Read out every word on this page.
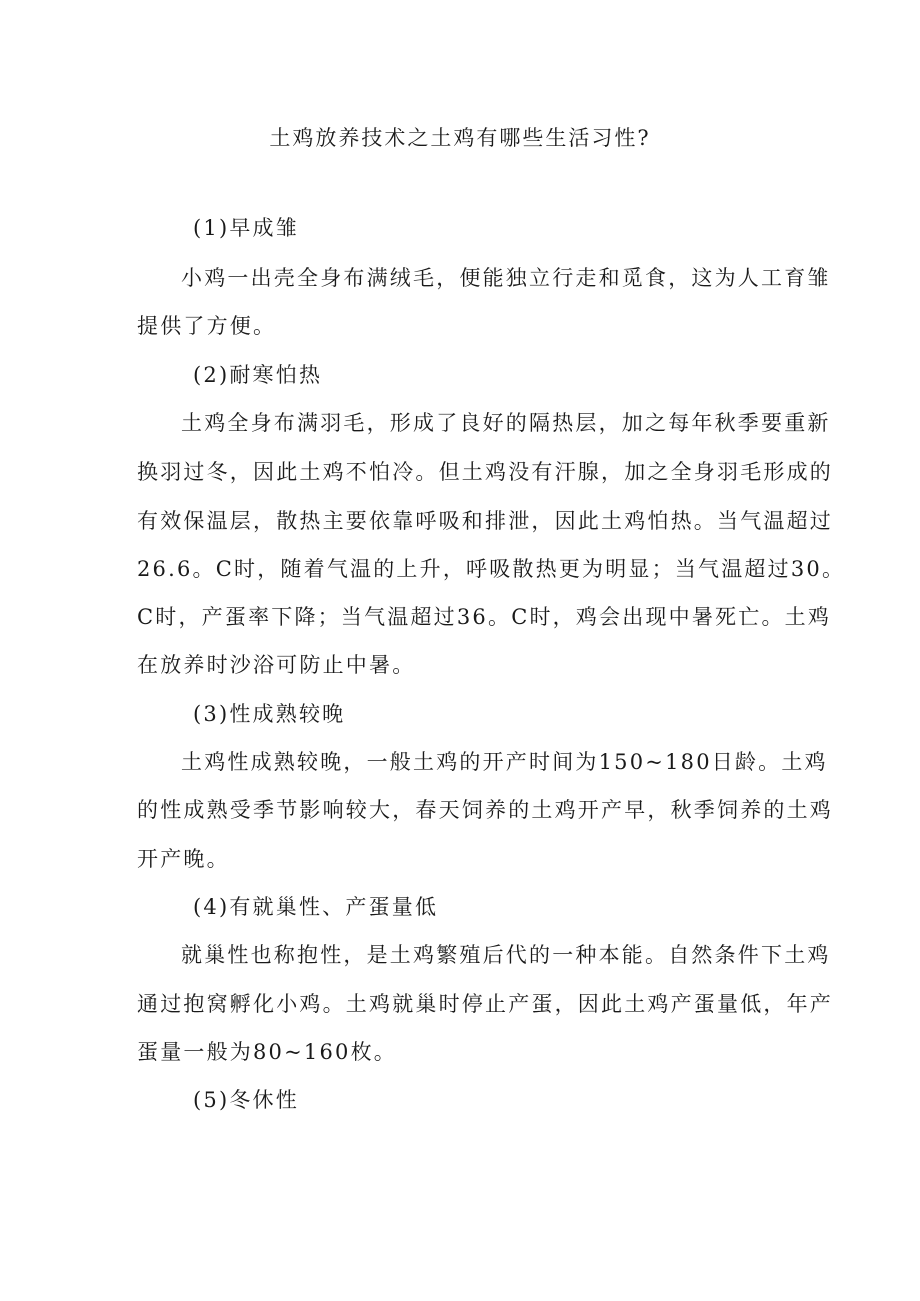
土鸡放养技术之土鸡有哪些生活习性?

(1)早成雏

小鸡一出壳全身布满绒毛，便能独立行走和觅食，这为人工育雏

提供了方便。

(2)耐寒怕热

土鸡全身布满羽毛，形成了良好的隔热层，加之每年秋季要重新

换羽过冬，因此土鸡不怕冷。但土鸡没有汗腺，加之全身羽毛形成的

有效保温层，散热主要依靠呼吸和排泄，因此土鸡怕热。当气温超过

26.6。C时，随着气温的上升，呼吸散热更为明显；当气温超过30。

C时，产蛋率下降；当气温超过36。C时，鸡会出现中暑死亡。土鸡

在放养时沙浴可防止中暑。

(3)性成熟较晚

土鸡性成熟较晚，一般土鸡的开产时间为150~180日龄。土鸡

的性成熟受季节影响较大，春天饲养的土鸡开产早，秋季饲养的土鸡

开产晚。

(4)有就巢性、产蛋量低

就巢性也称抱性，是土鸡繁殖后代的一种本能。自然条件下土鸡

通过抱窝孵化小鸡。土鸡就巢时停止产蛋，因此土鸡产蛋量低，年产

蛋量一般为80~160枚。

(5)冬休性
